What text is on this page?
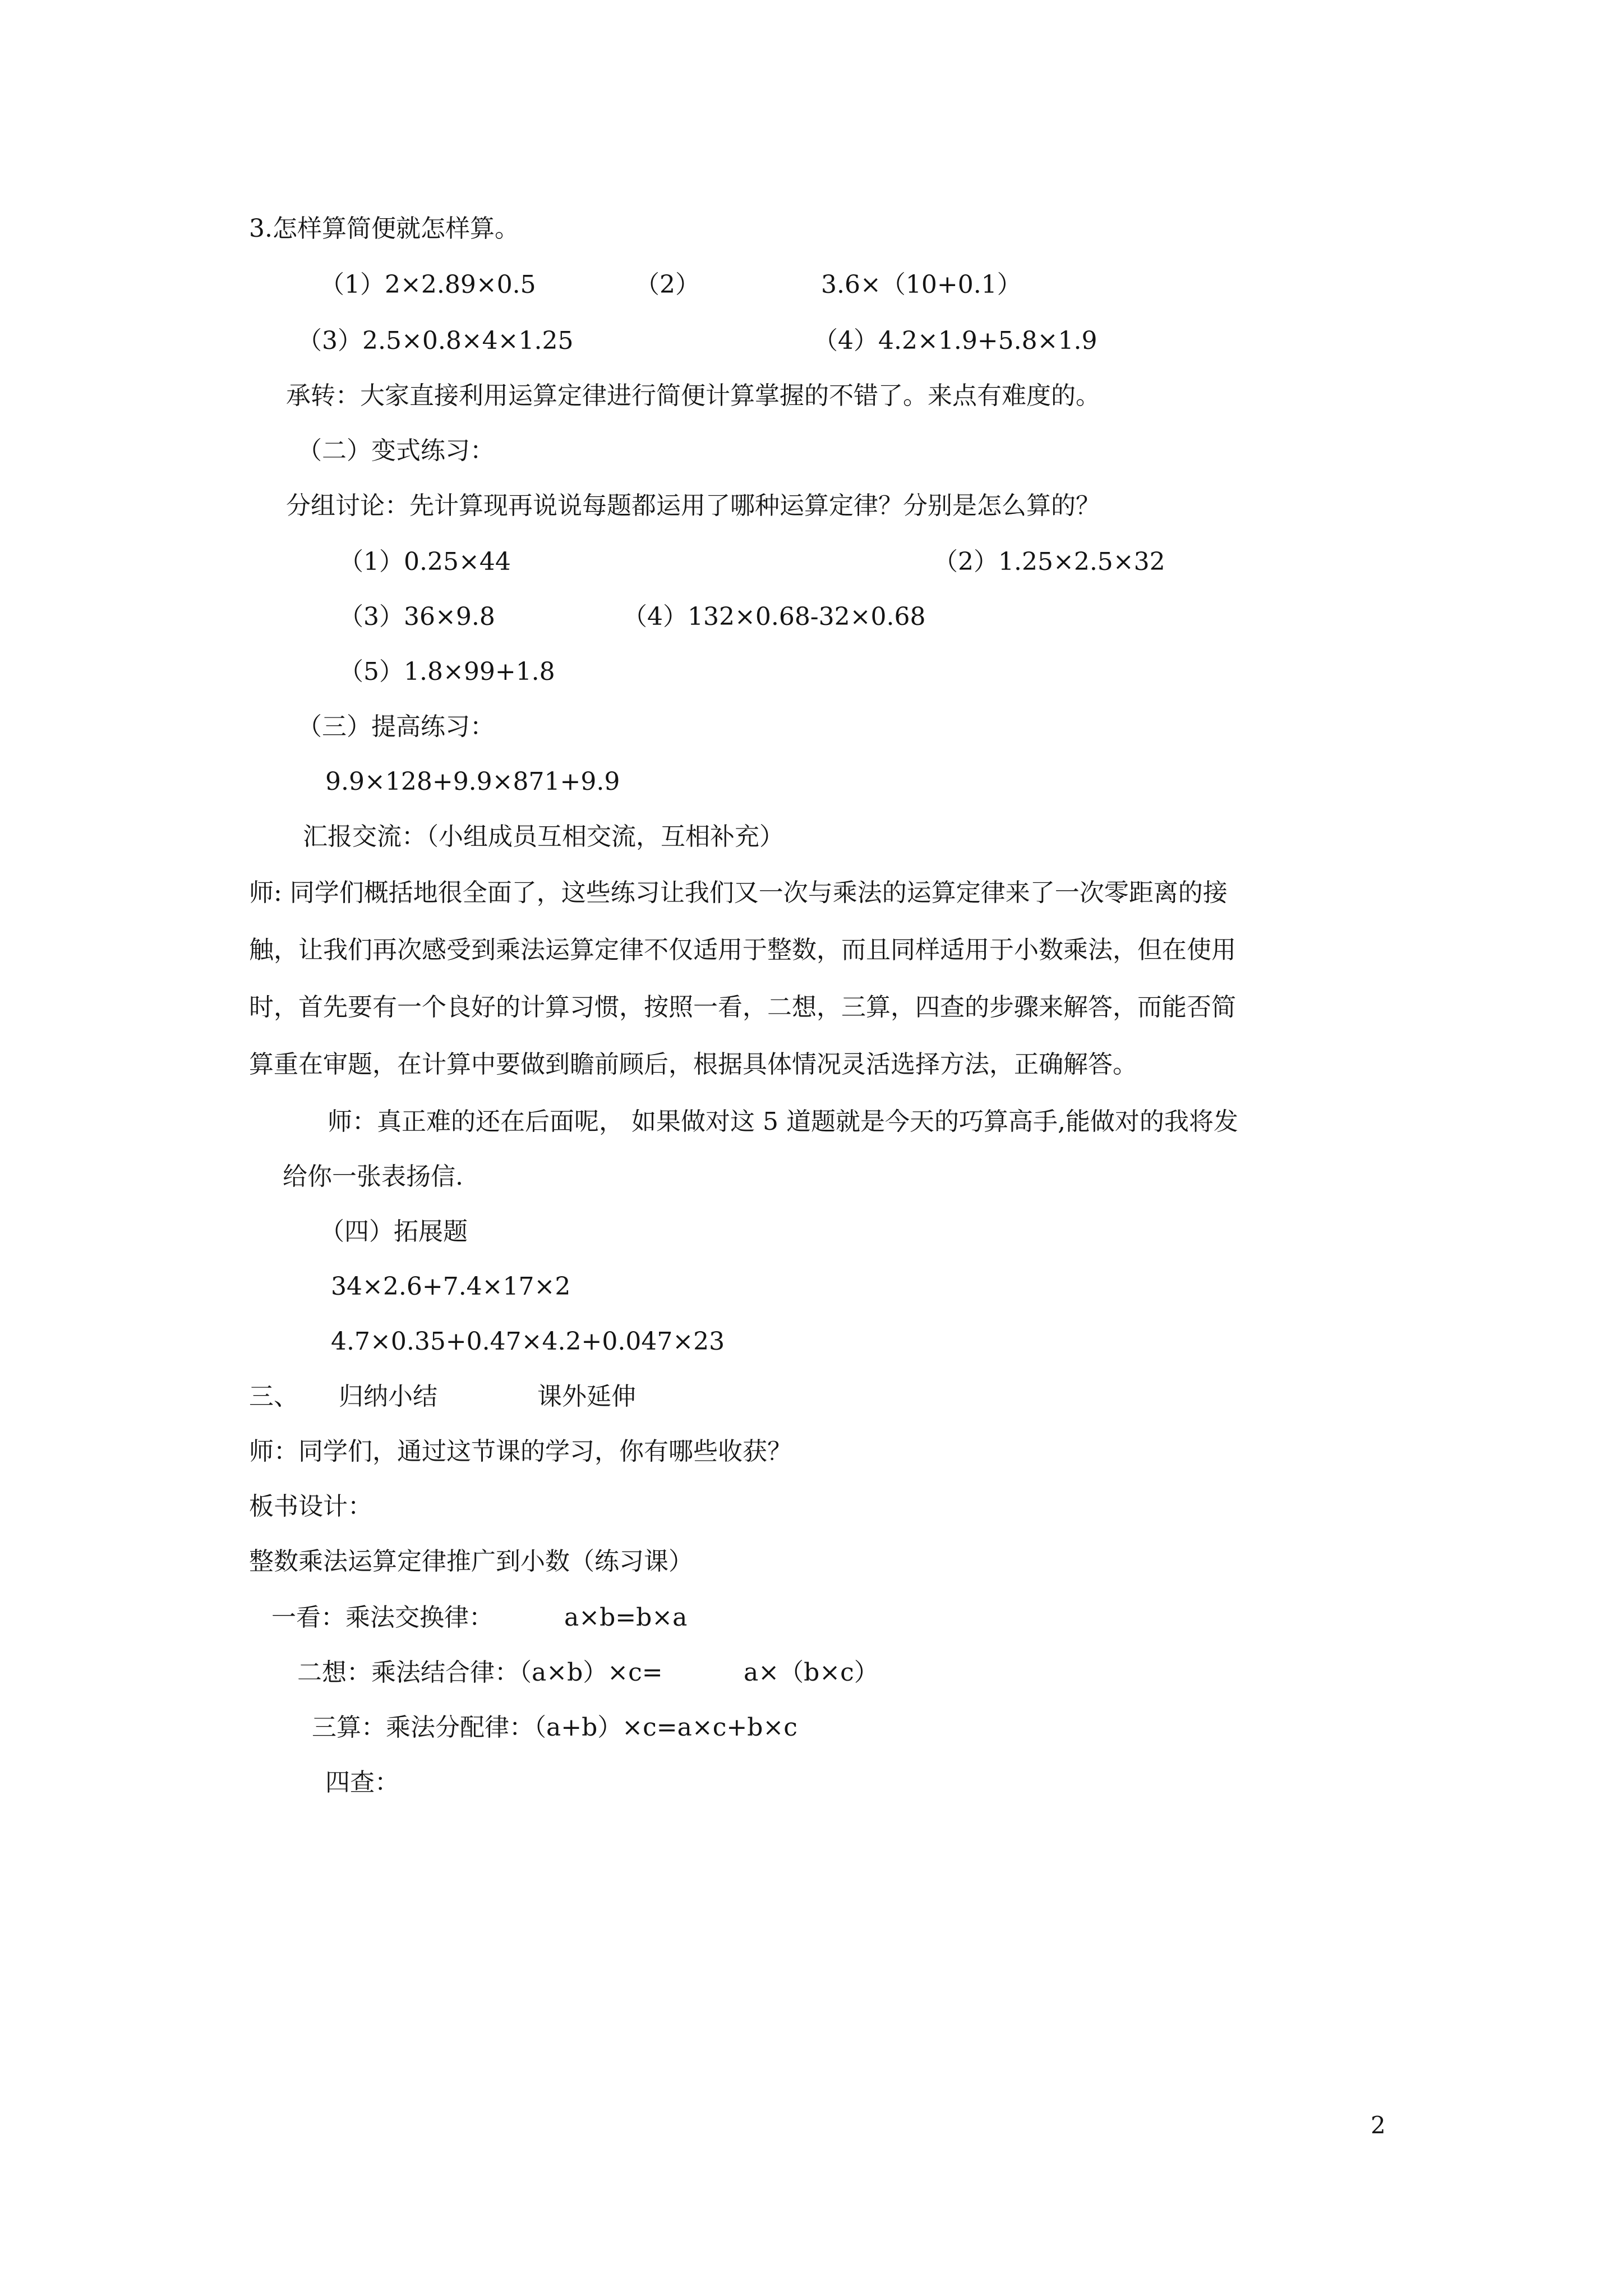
3.怎样算简便就怎样算。
（1）2×2.89×0.5	（2）	3.6×（10+0.1）
（3）2.5×0.8×4×1.25	（4）4.2×1.9+5.8×1.9
承转：大家直接利用运算定律进行简便计算掌握的不错了。来点有难度的。
（二）变式练习：
分组讨论：先计算现再说说每题都运用了哪种运算定律？分别是怎么算的？
（1）0.25×44	（2）1.25×2.5×32
（3）36×9.8	（4）132×0.68-32×0.68
（5）1.8×99+1.8
（三）提高练习：
9.9×128+9.9×871+9.9
汇报交流：（小组成员互相交流，互相补充）
师: 同学们概括地很全面了，这些练习让我们又一次与乘法的运算定律来了一次零距离的接
触，让我们再次感受到乘法运算定律不仅适用于整数，而且同样适用于小数乘法，但在使用
时，首先要有一个良好的计算习惯，按照一看，二想，三算，四查的步骤来解答，而能否简
算重在审题，在计算中要做到瞻前顾后，根据具体情况灵活选择方法，正确解答。
师：真正难的还在后面呢， 如果做对这 5 道题就是今天的巧算高手,能做对的我将发
给你一张表扬信.
（四）拓展题
34×2.6+7.4×17×2
4.7×0.35+0.47×4.2+0.047×23
三、 归纳小结	课外延伸
师：同学们，通过这节课的学习，你有哪些收获？
板书设计：
整数乘法运算定律推广到小数（练习课）
一看：乘法交换律：	a×b=b×a
二想：乘法结合律：（a×b）×c=	a×（b×c）
三算：乘法分配律：（a+b）×c=a×c+b×c
四查：
2
